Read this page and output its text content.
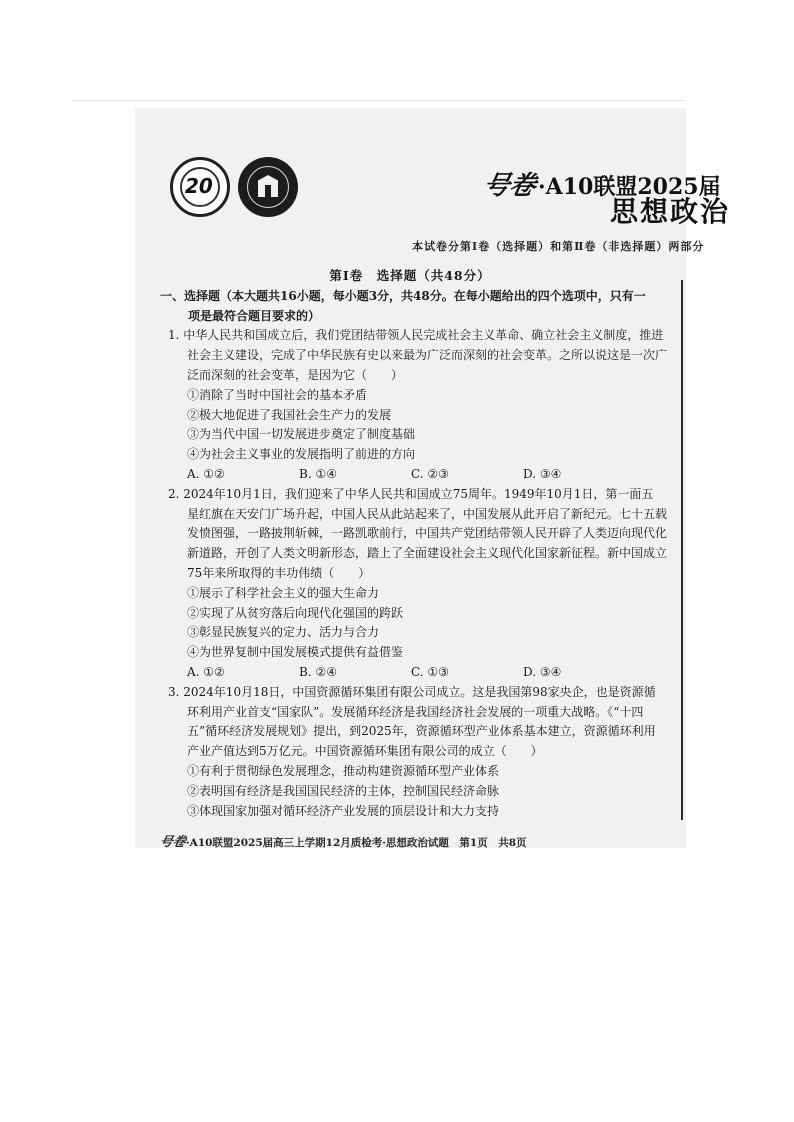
20	号卷·A10联盟2025届
思想政治
本试卷分第Ⅰ卷（选择题）和第Ⅱ卷（非选择题）两部分
第Ⅰ卷　选择题（共48分）
一、选择题（本大题共16小题，每小题3分，共48分。在每小题给出的四个选项中，只有一
项是最符合题目要求的）
1. 中华人民共和国成立后，我们党团结带领人民完成社会主义革命、确立社会主义制度，推进
社会主义建设，完成了中华民族有史以来最为广泛而深刻的社会变革。之所以说这是一次广
泛而深刻的社会变革，是因为它（　　）
①消除了当时中国社会的基本矛盾
②极大地促进了我国社会生产力的发展
③为当代中国一切发展进步奠定了制度基础
④为社会主义事业的发展指明了前进的方向
A. ①②	B. ①④	C. ②③	D. ③④
2. 2024年10月1日，我们迎来了中华人民共和国成立75周年。1949年10月1日，第一面五
星红旗在天安门广场升起，中国人民从此站起来了，中国发展从此开启了新纪元。七十五载
发愤图强，一路披荆斩棘，一路凯歌前行，中国共产党团结带领人民开辟了人类迈向现代化
新道路，开创了人类文明新形态，踏上了全面建设社会主义现代化国家新征程。新中国成立
75年来所取得的丰功伟绩（　　）
①展示了科学社会主义的强大生命力
②实现了从贫穷落后向现代化强国的跨跃
③彰显民族复兴的定力、活力与合力
④为世界复制中国发展模式提供有益借鉴
A. ①②	B. ②④	C. ①③	D. ③④
3. 2024年10月18日，中国资源循环集团有限公司成立。这是我国第98家央企，也是资源循
环利用产业首支“国家队”。发展循环经济是我国经济社会发展的一项重大战略。《“十四
五”循环经济发展规划》提出，到2025年，资源循环型产业体系基本建立，资源循环利用
产业产值达到5万亿元。中国资源循环集团有限公司的成立（　　）
①有利于贯彻绿色发展理念，推动构建资源循环型产业体系
②表明国有经济是我国国民经济的主体，控制国民经济命脉
③体现国家加强对循环经济产业发展的顶层设计和大力支持
号卷·A10联盟2025届高三上学期12月质检考·思想政治试题　第1页　共8页
